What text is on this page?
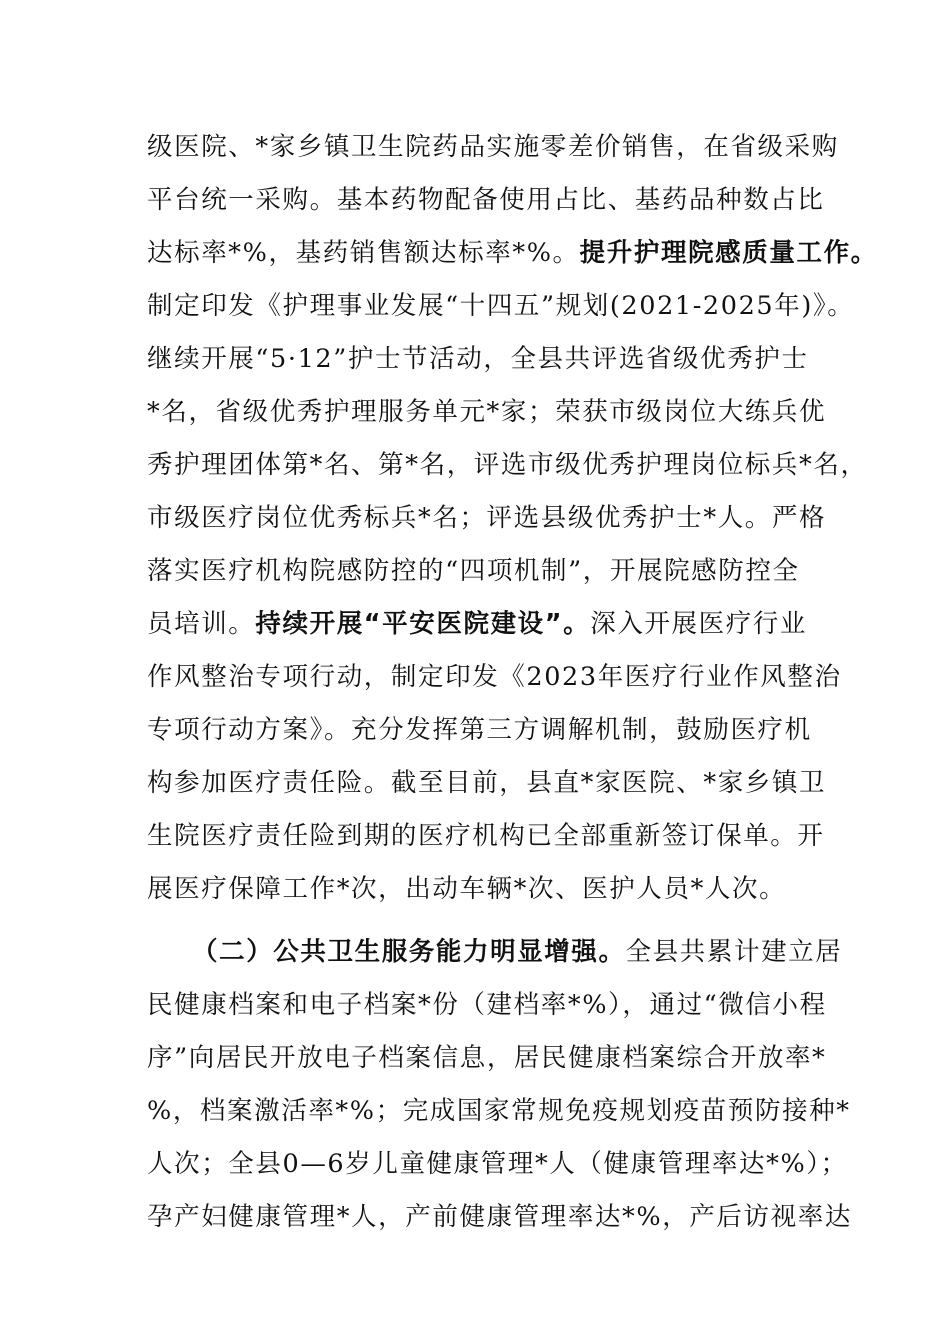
级医院、*家乡镇卫生院药品实施零差价销售，在省级采购
平台统一采购。基本药物配备使用占比、基药品种数占比
达标率*%，基药销售额达标率*%。提升护理院感质量工作。
制定印发《护理事业发展“十四五”规划(2021-2025年)》。
继续开展“5·12”护士节活动，全县共评选省级优秀护士
*名，省级优秀护理服务单元*家；荣获市级岗位大练兵优
秀护理团体第*名、第*名，评选市级优秀护理岗位标兵*名，
市级医疗岗位优秀标兵*名；评选县级优秀护士*人。严格
落实医疗机构院感防控的“四项机制”，开展院感防控全
员培训。持续开展“平安医院建设”。深入开展医疗行业
作风整治专项行动，制定印发《2023年医疗行业作风整治
专项行动方案》。充分发挥第三方调解机制，鼓励医疗机
构参加医疗责任险。截至目前，县直*家医院、*家乡镇卫
生院医疗责任险到期的医疗机构已全部重新签订保单。开
展医疗保障工作*次，出动车辆*次、医护人员*人次。
（二）公共卫生服务能力明显增强。全县共累计建立居
民健康档案和电子档案*份（建档率*%），通过“微信小程
序”向居民开放电子档案信息，居民健康档案综合开放率*
%，档案激活率*%；完成国家常规免疫规划疫苗预防接种*
人次；全县0—6岁儿童健康管理*人（健康管理率达*%）；
孕产妇健康管理*人，产前健康管理率达*%，产后访视率达
